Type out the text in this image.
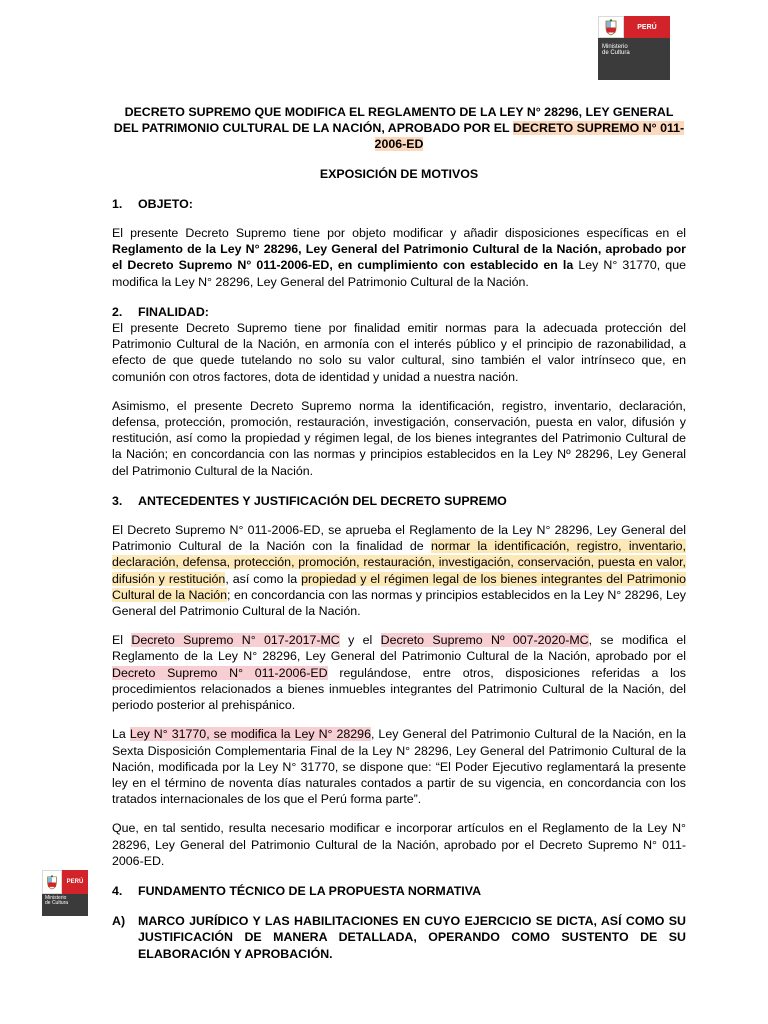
PERÚ
Ministerio
de Cultura
PERÚ
Ministerio
de Cultura

DECRETO SUPREMO QUE MODIFICA EL REGLAMENTO DE LA LEY N° 28296, LEY GENERAL DEL PATRIMONIO CULTURAL DE LA NACIÓN, APROBADO POR EL DECRETO SUPREMO N° 011-2006-ED

EXPOSICIÓN DE MOTIVOS

1.	OBJETO:

El presente Decreto Supremo tiene por objeto modificar y añadir disposiciones específicas en el Reglamento de la Ley N° 28296, Ley General del Patrimonio Cultural de la Nación, aprobado por el Decreto Supremo N° 011-2006-ED, en cumplimiento con establecido en la Ley N° 31770, que modifica la Ley N° 28296, Ley General del Patrimonio Cultural de la Nación.

2.	FINALIDAD:

El presente Decreto Supremo tiene por finalidad emitir normas para la adecuada protección del Patrimonio Cultural de la Nación, en armonía con el interés público y el principio de razonabilidad, a efecto de que quede tutelando no solo su valor cultural, sino también el valor intrínseco que, en comunión con otros factores, dota de identidad y unidad a nuestra nación.

Asimismo, el presente Decreto Supremo norma la identificación, registro, inventario, declaración, defensa, protección, promoción, restauración, investigación, conservación, puesta en valor, difusión y restitución, así como la propiedad y régimen legal, de los bienes integrantes del Patrimonio Cultural de la Nación; en concordancia con las normas y principios establecidos en la Ley Nº 28296, Ley General del Patrimonio Cultural de la Nación.

3.	ANTECEDENTES Y JUSTIFICACIÓN DEL DECRETO SUPREMO

El Decreto Supremo N° 011-2006-ED, se aprueba el Reglamento de la Ley N° 28296, Ley General del Patrimonio Cultural de la Nación con la finalidad de normar la identificación, registro, inventario, declaración, defensa, protección, promoción, restauración, investigación, conservación, puesta en valor, difusión y restitución, así como la propiedad y el régimen legal de los bienes integrantes del Patrimonio Cultural de la Nación; en concordancia con las normas y principios establecidos en la Ley N° 28296, Ley General del Patrimonio Cultural de la Nación.

El Decreto Supremo N° 017-2017-MC y el Decreto Supremo Nº 007-2020-MC, se modifica el Reglamento de la Ley N° 28296, Ley General del Patrimonio Cultural de la Nación, aprobado por el Decreto Supremo N° 011-2006-ED regulándose, entre otros, disposiciones referidas a los procedimientos relacionados a bienes inmuebles integrantes del Patrimonio Cultural de la Nación, del periodo posterior al prehispánico.

La Ley N° 31770, se modifica la Ley N° 28296, Ley General del Patrimonio Cultural de la Nación, en la Sexta Disposición Complementaria Final de la Ley N° 28296, Ley General del Patrimonio Cultural de la Nación, modificada por la Ley N° 31770, se dispone que: “El Poder Ejecutivo reglamentará la presente ley en el término de noventa días naturales contados a partir de su vigencia, en concordancia con los tratados internacionales de los que el Perú forma parte”.

Que, en tal sentido, resulta necesario modificar e incorporar artículos en el Reglamento de la Ley N° 28296, Ley General del Patrimonio Cultural de la Nación, aprobado por el Decreto Supremo N° 011-2006-ED.

4.	FUNDAMENTO TÉCNICO DE LA PROPUESTA NORMATIVA
A)	MARCO JURÍDICO Y LAS HABILITACIONES EN CUYO EJERCICIO SE DICTA, ASÍ COMO SU JUSTIFICACIÓN DE MANERA DETALLADA, OPERANDO COMO SUSTENTO DE SU ELABORACIÓN Y APROBACIÓN.
